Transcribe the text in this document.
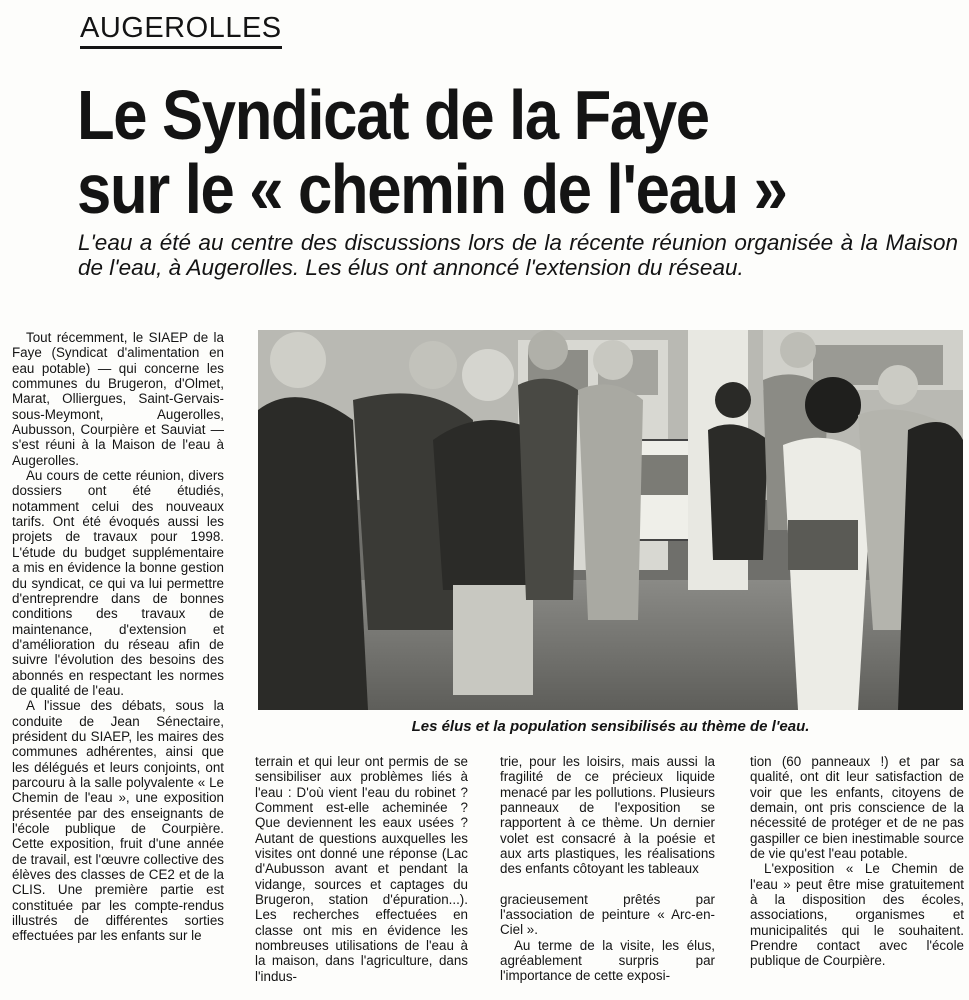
AUGEROLLES
Le Syndicat de la Faye
sur le « chemin de l'eau »
L'eau a été au centre des discussions lors de la récente réunion organisée à la Maison de l'eau, à Augerolles. Les élus ont annoncé l'extension du réseau.

Tout récemment, le SIAEP de la Faye (Syndicat d'alimentation en eau potable) — qui concerne les communes du Brugeron, d'Olmet, Marat, Olliergues, Saint-Gervais-sous-Meymont, Augerolles, Aubusson, Courpière et Sauviat — s'est réuni à la Maison de l'eau à Augerolles.

Au cours de cette réunion, divers dossiers ont été étudiés, notamment celui des nouveaux tarifs. Ont été évoqués aussi les projets de travaux pour 1998. L'étude du budget supplémentaire a mis en évidence la bonne gestion du syndicat, ce qui va lui permettre d'entreprendre dans de bonnes conditions des travaux de maintenance, d'extension et d'amélioration du réseau afin de suivre l'évolution des besoins des abonnés en respectant les normes de qualité de l'eau.

A l'issue des débats, sous la conduite de Jean Sénectaire, président du SIAEP, les maires des communes adhérentes, ainsi que les délégués et leurs conjoints, ont parcouru à la salle polyvalente « Le Chemin de l'eau », une exposition présentée par des enseignants de l'école publique de Courpière. Cette exposition, fruit d'une année de travail, est l'œuvre collective des élèves des classes de CE2 et de la CLIS. Une première partie est constituée par les compte-rendus illustrés de différentes sorties effectuées par les enfants sur le

Les élus et la population sensibilisés au thème de l'eau.

terrain et qui leur ont permis de se sensibiliser aux problèmes liés à l'eau : D'où vient l'eau du robinet ? Comment est-elle acheminée ? Que deviennent les eaux usées ? Autant de questions auxquelles les visites ont donné une réponse (Lac d'Aubusson avant et pendant la vidange, sources et captages du Brugeron, station d'épuration...). Les recherches effectuées en classe ont mis en évidence les nombreuses utilisations de l'eau à la maison, dans l'agriculture, dans l'indus-

trie, pour les loisirs, mais aussi la fragilité de ce précieux liquide menacé par les pollutions. Plusieurs panneaux de l'exposition se rapportent à ce thème. Un dernier volet est consacré à la poésie et aux arts plastiques, les réalisations des enfants côtoyant les tableaux

gracieusement prêtés par l'association de peinture « Arc-en-Ciel ».

Au terme de la visite, les élus, agréablement surpris par l'importance de cette exposi-

tion (60 panneaux !) et par sa qualité, ont dit leur satisfaction de voir que les enfants, citoyens de demain, ont pris conscience de la nécessité de protéger et de ne pas gaspiller ce bien inestimable source de vie qu'est l'eau potable.

L'exposition « Le Chemin de l'eau » peut être mise gratuitement à la disposition des écoles, associations, organismes et municipalités qui le souhaitent. Prendre contact avec l'école publique de Courpière.
